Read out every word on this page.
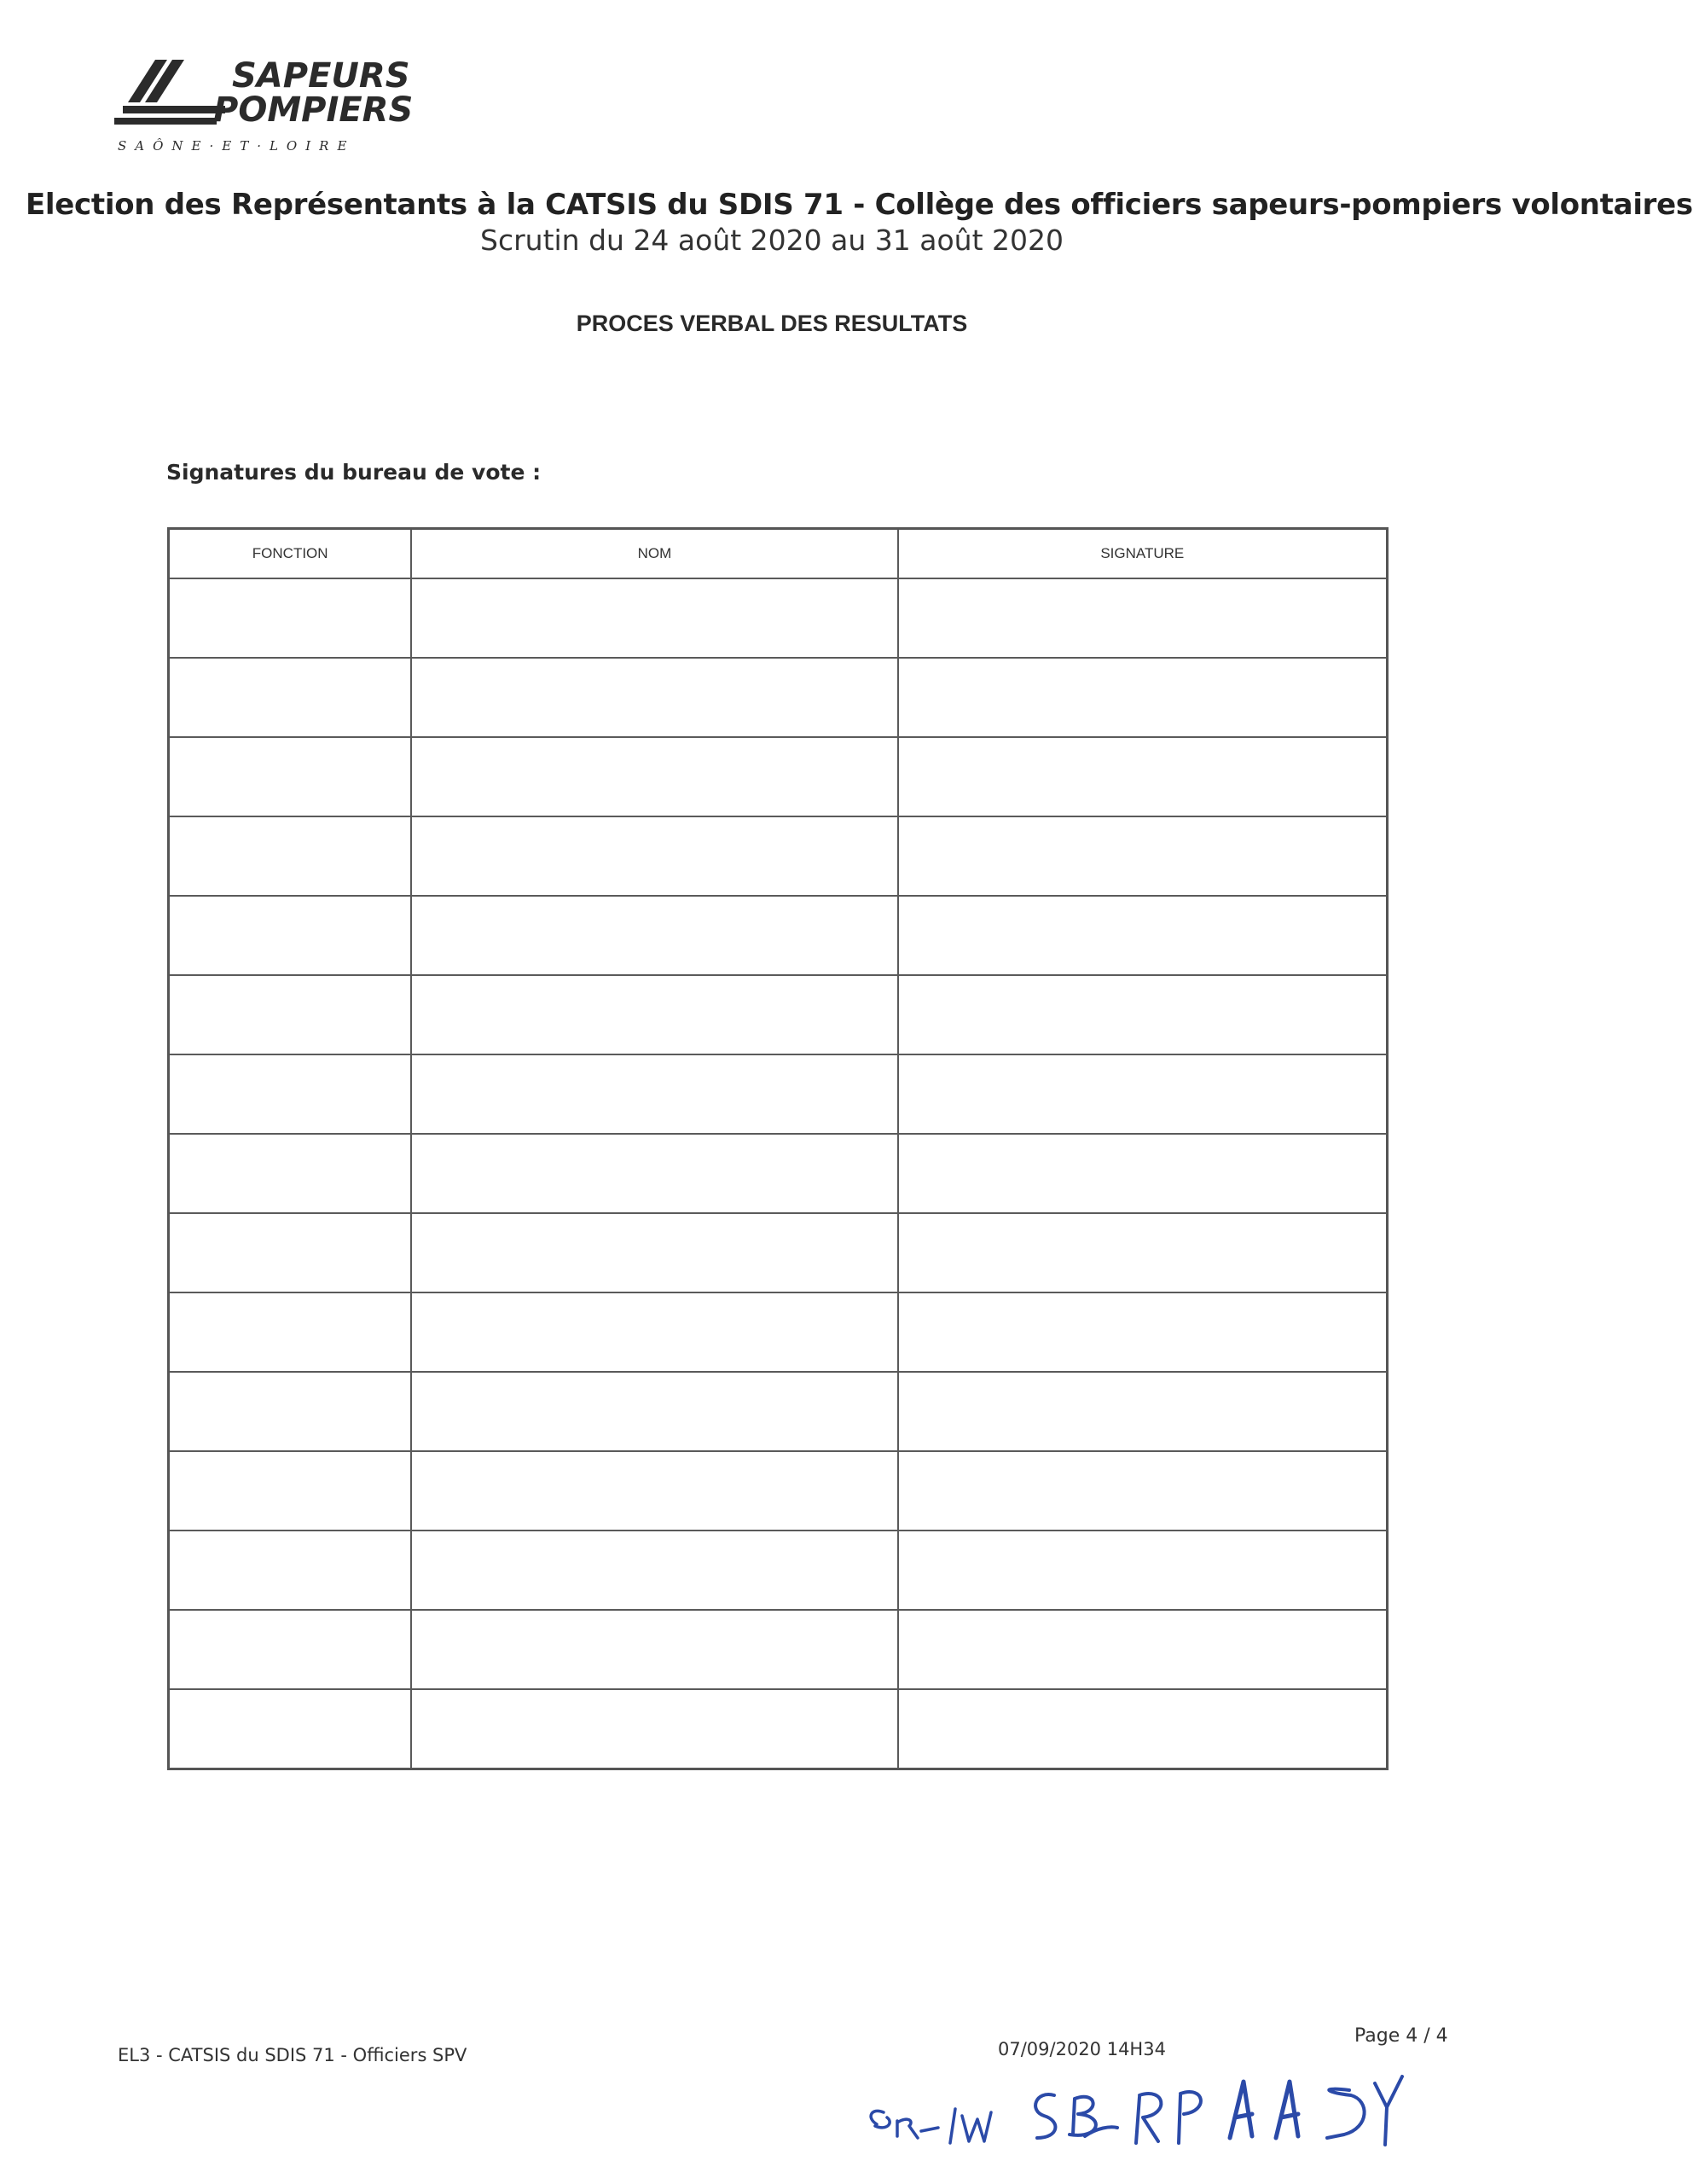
SAPEURS
POMPIERS
SAÔNE·ET·LOIRE
Election des Représentants à la CATSIS du SDIS 71 - Collège des officiers sapeurs-pompiers volontaires
Scrutin du 24 août 2020 au 31 août 2020
PROCES VERBAL DES RESULTATS
Signatures du bureau de vote :
FONCTION	NOM	SIGNATURE

EL3 - CATSIS du SDIS 71 - Officiers SPV	07/09/2020 14H34
Page 4 / 4
